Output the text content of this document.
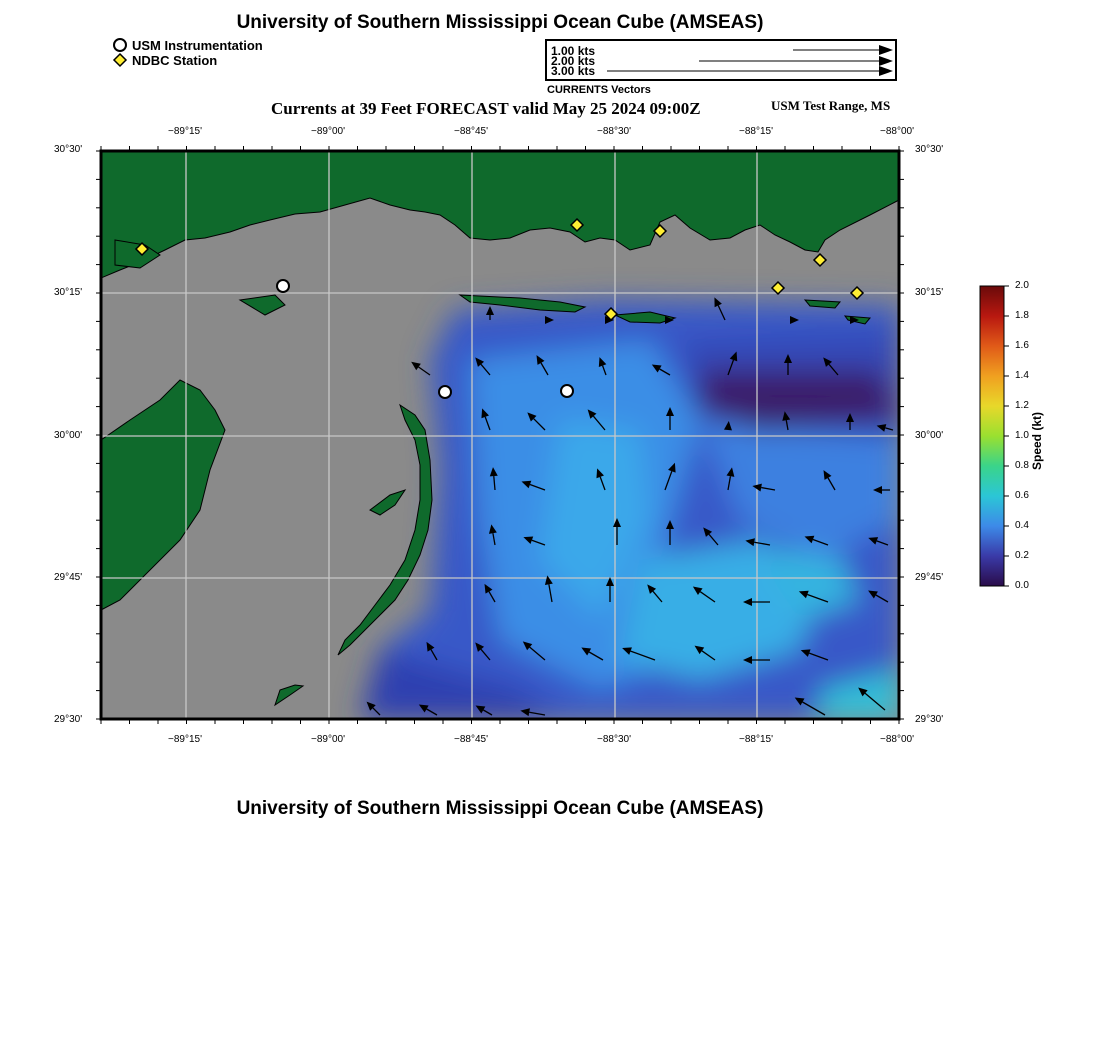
University of Southern Mississippi Ocean Cube (AMSEAS)
USM Instrumentation
NDBC Station
1.00 kts
2.00 kts
3.00 kts
CURRENTS Vectors
Currents at 39 Feet FORECAST valid May 25 2024 09:00Z	USM Test Range, MS
−89°15'	−89°00'	−88°45'	−88°30'	−88°15'	−88°00'
−89°15'	−89°00'	−88°45'	−88°30'	−88°15'	−88°00'
30°30'
30°15'
30°00'
29°45'
29°30'
30°30'
30°15'
30°00'
29°45'
29°30'
2.0
1.8
1.6
1.4
1.2
1.0
0.8
0.6
0.4
0.2
0.0
Speed (kt)
University of Southern Mississippi Ocean Cube (AMSEAS)
